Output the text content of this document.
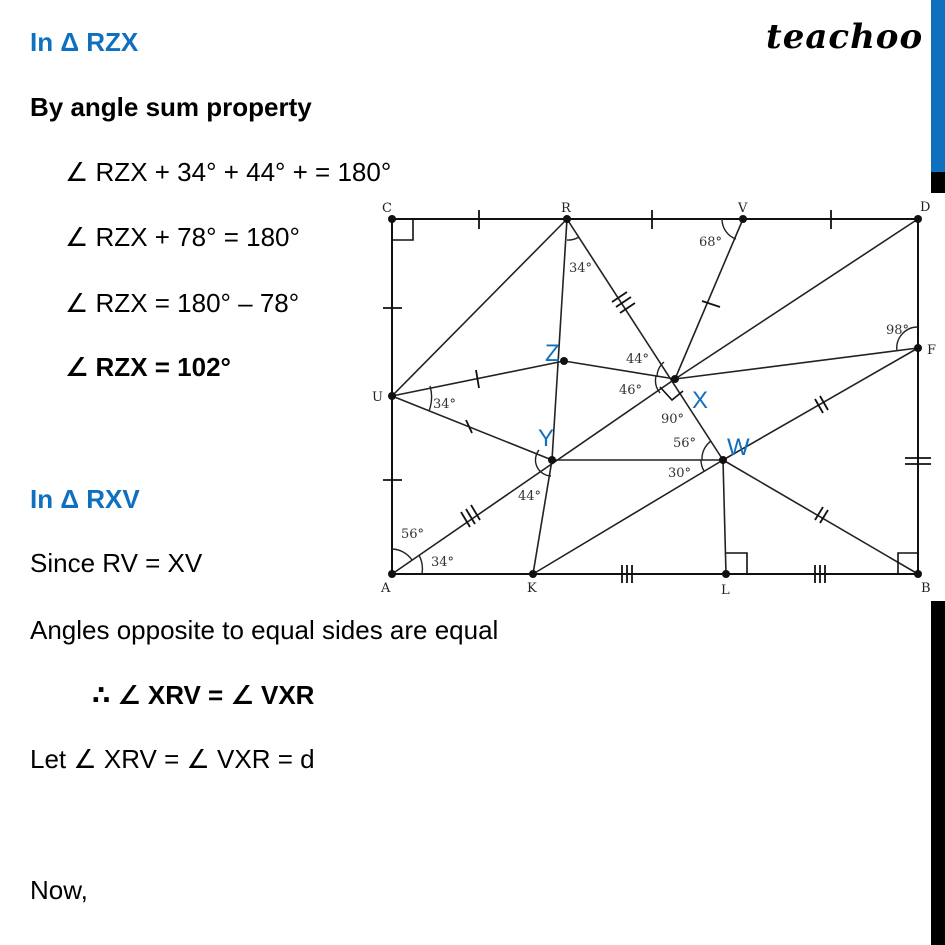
teachoo
In Δ RZX
By angle sum property
∠ RZX + 34° + 44° + = 180°
∠ RZX + 78° = 180°
∠ RZX = 180° – 78°
∠ RZX = 102°
In Δ RXV
Since RV = XV
Angles opposite to equal sides are equal
∴ ∠ XRV = ∠ VXR
Let ∠ XRV = ∠ VXR = d
Now,
C	R	V	D
U
F
A	K	L	B
Z
X
Y	W
34°
68°
98°
44°
46°
90°
34°
56°
30°
44°
56°
34°
